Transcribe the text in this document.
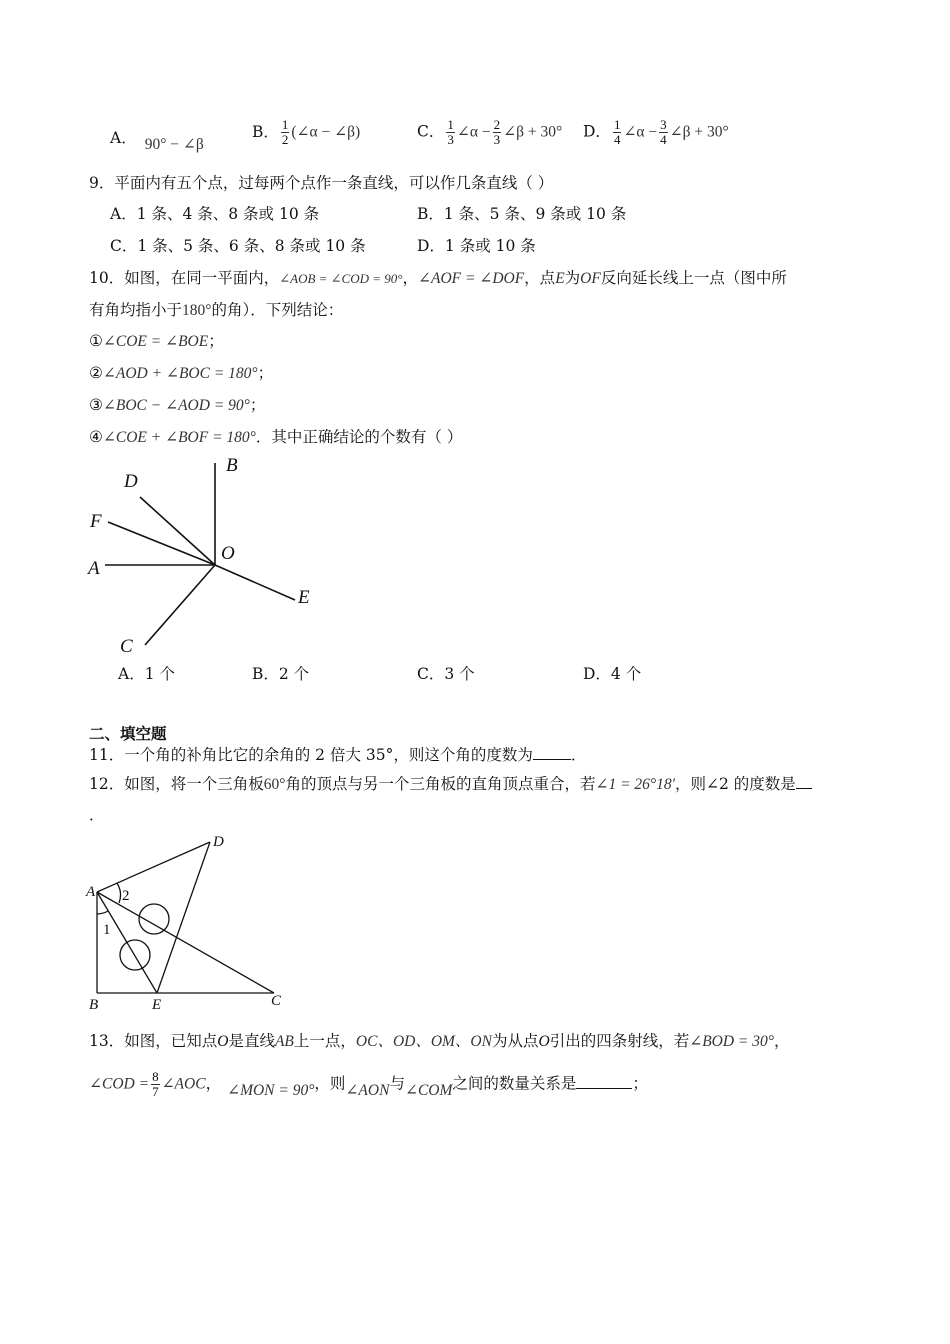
A． 90° − ∠β
B． $\frac{1}{2}$ (∠α − ∠β)	C． $\frac{1}{3}$ ∠α − $\frac{2}{3}$ ∠β + 30° D． $\frac{1}{4}$ ∠α − $\frac{3}{4}$ ∠β + 30°
9．平面内有五个点，过每两个点作一条直线，可以作几条直线（ ）
A．1 条、4 条、8 条或 10 条	B．1 条、5 条、9 条或 10 条
C．1 条、5 条、6 条、8 条或 10 条	D．1 条或 10 条
10．如图，在同一平面内，∠AOB = ∠COD = 90°，∠AOF = ∠DOF，点E为OF反向延长线上一点（图中所
有角均指小于180°的角）．下列结论：
①∠COE = ∠BOE；
②∠AOD + ∠BOC = 180°；
③∠BOC − ∠AOD = 90°；
④∠COE + ∠BOF = 180°．其中正确结论的个数有（ ）
B
D
F
O
A
E
C
A．1 个	B．2 个	C．3 个	D．4 个
二、填空题
11．一个角的补角比它的余角的 2 倍大 35°，则这个角的度数为 ．
12．如图，将一个三角板60°角的顶点与另一个三角板的直角顶点重合，若∠1 = 26°18′，则∠2 的度数是
．
D
A 2
1
B	E	C
13．如图，已知点O是直线AB上一点，OC、OD、OM、ON为从点O引出的四条射线，若∠BOD = 30°，
∠COD = $\frac{8}{7}$ ∠AOC， ∠MON = 90°，则∠AON与∠COM之间的数量关系是	；
